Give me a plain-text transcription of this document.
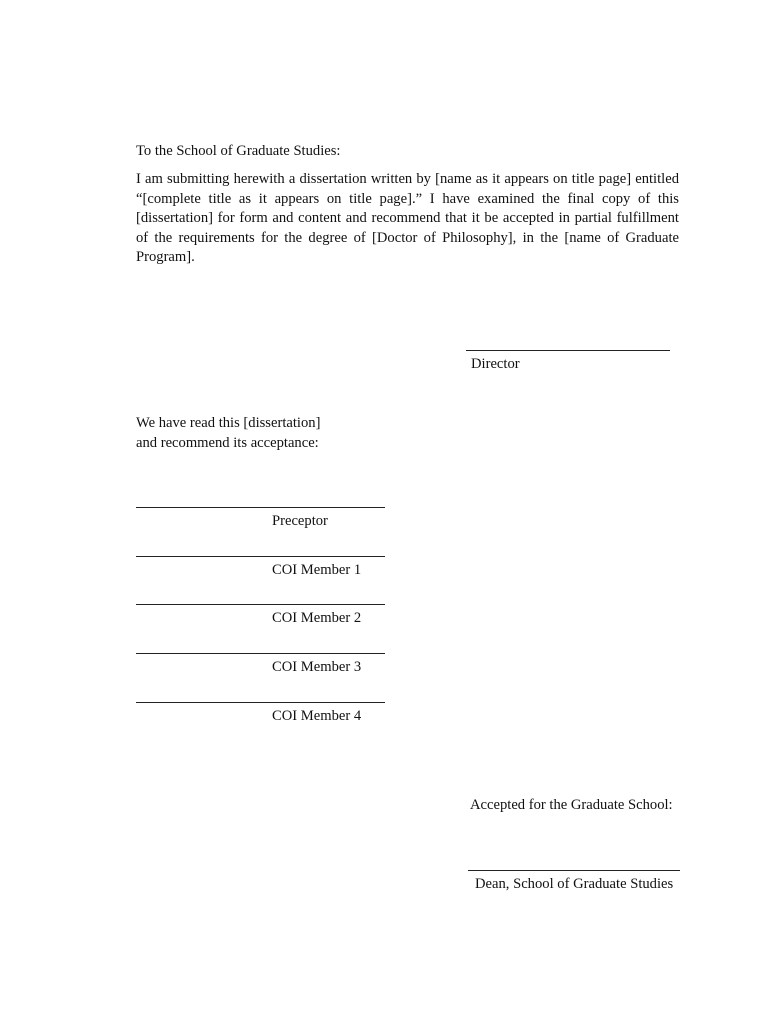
To the School of Graduate Studies:
I am submitting herewith a dissertation written by [name as it appears on title page] entitled “[complete title as it appears on title page].” I have examined the final copy of this [dissertation] for form and content and recommend that it be accepted in partial fulfillment of the requirements for the degree of [Doctor of Philosophy], in the [name of Graduate Program].
Director
We have read this [dissertation]
and recommend its acceptance:
Preceptor
COI Member 1
COI Member 2
COI Member 3
COI Member 4
Accepted for the Graduate School:
Dean, School of Graduate Studies
